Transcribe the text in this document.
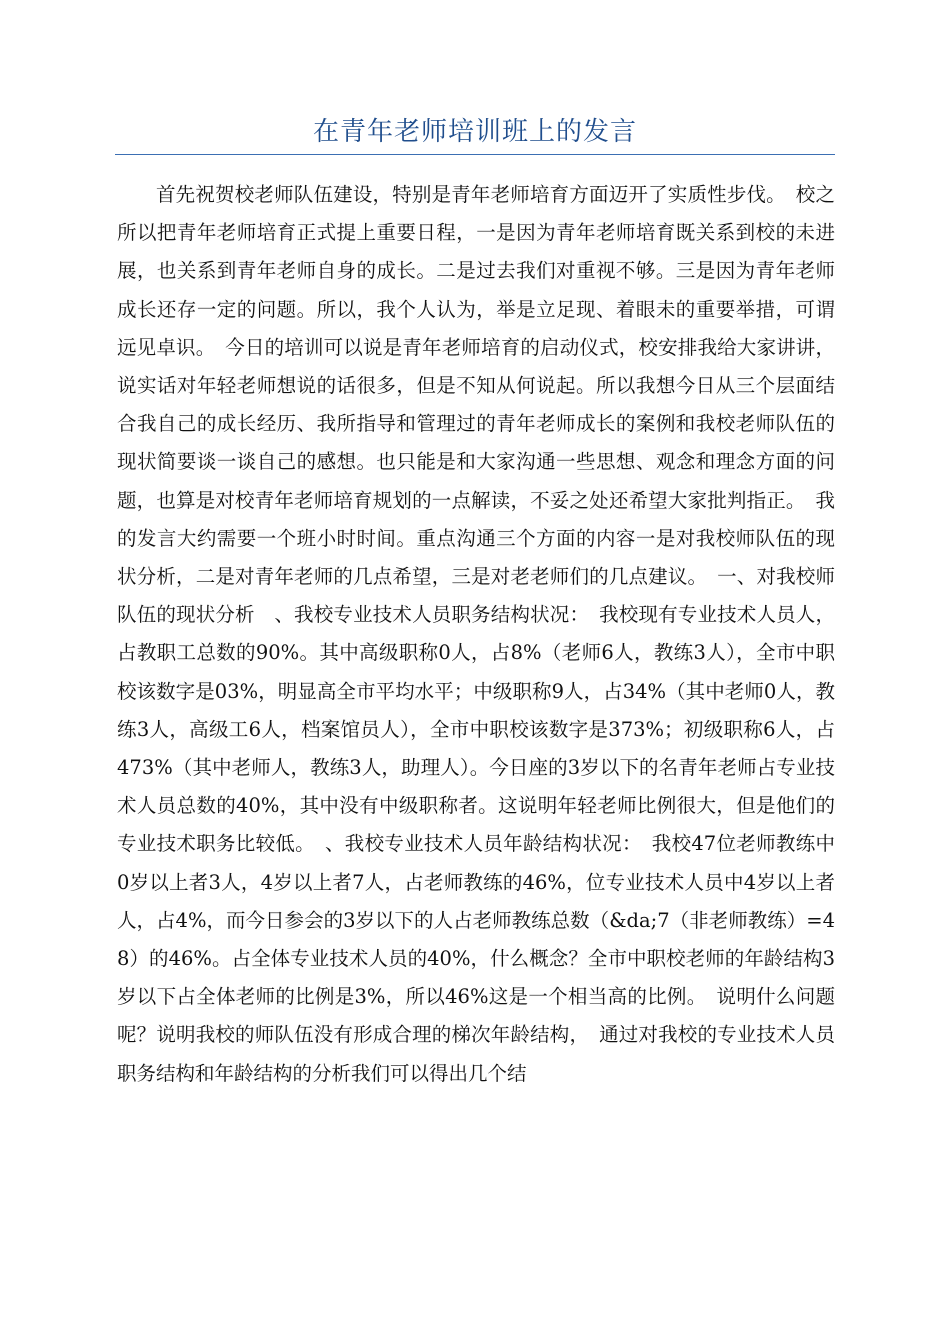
在青年老师培训班上的发言

首先祝贺校老师队伍建设，特别是青年老师培育方面迈开了实质性步伐。　校之所以把青年老师培育正式提上重要日程，一是因为青年老师培育既关系到校的未进展，也关系到青年老师自身的成长。二是过去我们对重视不够。三是因为青年老师成长还存一定的问题。所以，我个人认为，举是立足现、着眼未的重要举措，可谓远见卓识。　今日的培训可以说是青年老师培育的启动仪式，校安排我给大家讲讲，说实话对年轻老师想说的话很多，但是不知从何说起。所以我想今日从三个层面结合我自己的成长经历、我所指导和管理过的青年老师成长的案例和我校老师队伍的现状简要谈一谈自己的感想。也只能是和大家沟通一些思想、观念和理念方面的问题，也算是对校青年老师培育规划的一点解读，不妥之处还希望大家批判指正。　我的发言大约需要一个班小时时间。重点沟通三个方面的内容一是对我校师队伍的现状分析，二是对青年老师的几点希望，三是对老老师们的几点建议。　一、对我校师队伍的现状分析　、我校专业技术人员职务结构状况：　我校现有专业技术人员人，占教职工总数的90%。其中高级职称0人，占8%（老师6人，教练3人），全市中职校该数字是03%，明显高全市平均水平；中级职称9人，占34%（其中老师0人，教练3人，高级工6人，档案馆员人），全市中职校该数字是373%；初级职称6人，占473%（其中老师人，教练3人，助理人）。今日座的3岁以下的名青年老师占专业技术人员总数的40%，其中没有中级职称者。这说明年轻老师比例很大，但是他们的专业技术职务比较低。　、我校专业技术人员年龄结构状况：　我校47位老师教练中0岁以上者3人，4岁以上者7人，占老师教练的46%，位专业技术人员中4岁以上者人，占4%，而今日参会的3岁以下的人占老师教练总数（&da;7（非老师教练）=48）的46%。占全体专业技术人员的40%，什么概念？全市中职校老师的年龄结构3岁以下占全体老师的比例是3%，所以46%这是一个相当高的比例。　说明什么问题呢？说明我校的师队伍没有形成合理的梯次年龄结构，　通过对我校的专业技术人员职务结构和年龄结构的分析我们可以得出几个结
